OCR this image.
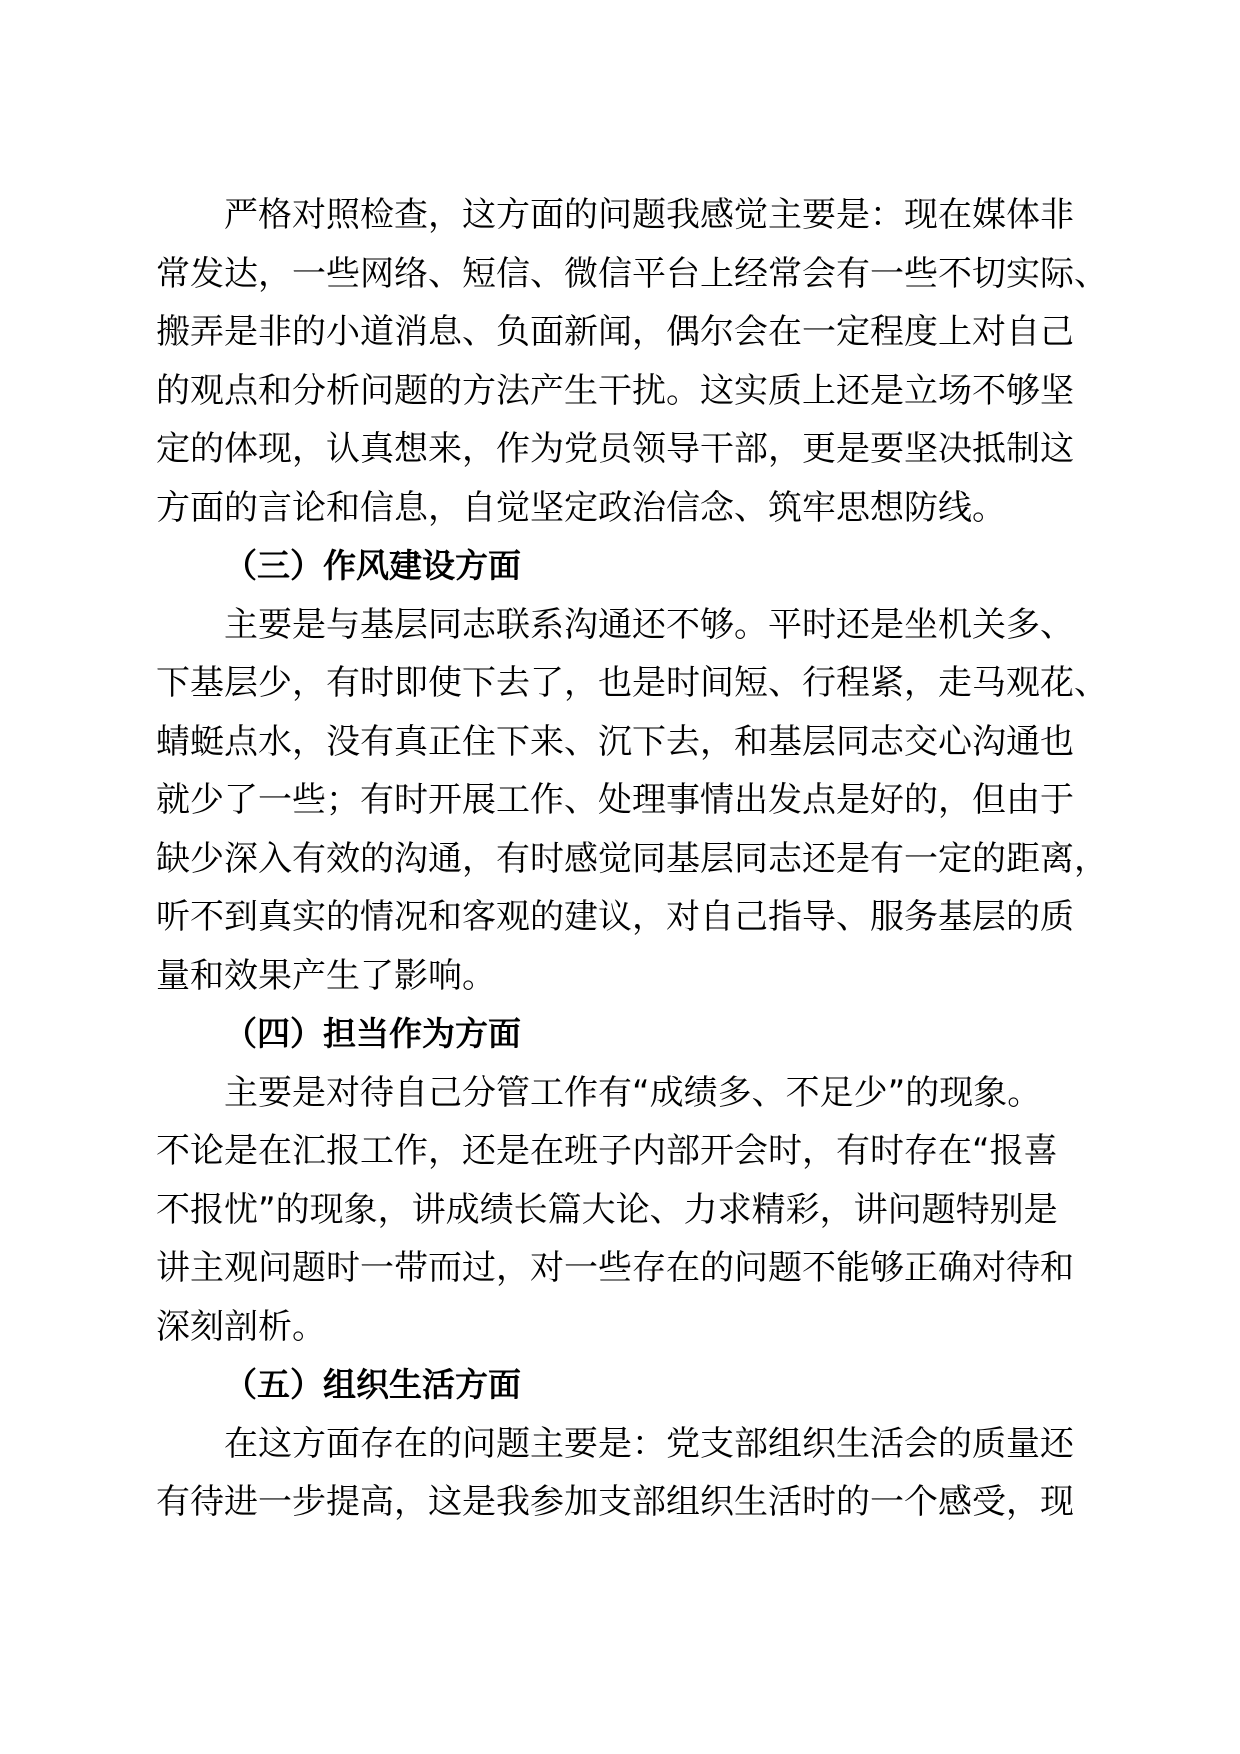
严格对照检查，这方面的问题我感觉主要是：现在媒体非
常发达，一些网络、短信、微信平台上经常会有一些不切实际、
搬弄是非的小道消息、负面新闻，偶尔会在一定程度上对自己
的观点和分析问题的方法产生干扰。这实质上还是立场不够坚
定的体现，认真想来，作为党员领导干部，更是要坚决抵制这
方面的言论和信息，自觉坚定政治信念、筑牢思想防线。

（三）作风建设方面

主要是与基层同志联系沟通还不够。平时还是坐机关多、
下基层少，有时即使下去了，也是时间短、行程紧，走马观花、
蜻蜓点水，没有真正住下来、沉下去，和基层同志交心沟通也
就少了一些；有时开展工作、处理事情出发点是好的，但由于
缺少深入有效的沟通，有时感觉同基层同志还是有一定的距离，
听不到真实的情况和客观的建议，对自己指导、服务基层的质
量和效果产生了影响。

（四）担当作为方面

主要是对待自己分管工作有“成绩多、不足少”的现象。
不论是在汇报工作，还是在班子内部开会时，有时存在“报喜
不报忧”的现象，讲成绩长篇大论、力求精彩，讲问题特别是
讲主观问题时一带而过，对一些存在的问题不能够正确对待和
深刻剖析。

（五）组织生活方面

在这方面存在的问题主要是：党支部组织生活会的质量还
有待进一步提高，这是我参加支部组织生活时的一个感受，现
